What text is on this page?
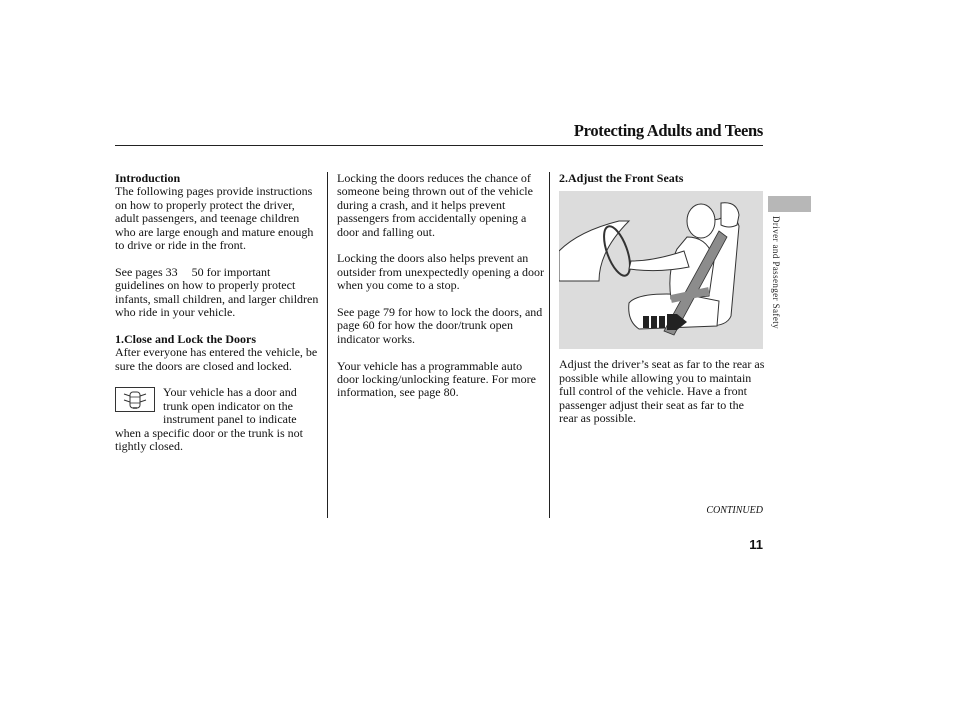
Protecting Adults and Teens

Introduction

The following pages provide instructions on how to properly protect the driver, adult passengers, and teenage children who are large enough and mature enough to drive or ride in the front.

See pages 33 50 for important guidelines on how to properly protect infants, small children, and larger children who ride in your vehicle.

1.Close and Lock the Doors

After everyone has entered the vehicle, be sure the doors are closed and locked.

Your vehicle has a door and trunk open indicator on the instrument panel to indicate when a specific door or the trunk is not tightly closed.

Locking the doors reduces the chance of someone being thrown out of the vehicle during a crash, and it helps prevent passengers from accidentally opening a door and falling out.

Locking the doors also helps prevent an outsider from unexpectedly opening a door when you come to a stop.

See page 79 for how to lock the doors, and page 60 for how the door/trunk open indicator works.

Your vehicle has a programmable auto door locking/unlocking feature. For more information, see page 80.

2.Adjust the Front Seats

Adjust the driver’s seat as far to the rear as possible while allowing you to maintain full control of the vehicle. Have a front passenger adjust their seat as far to the rear as possible.

Driver and Passenger Safety
CONTINUED
11
